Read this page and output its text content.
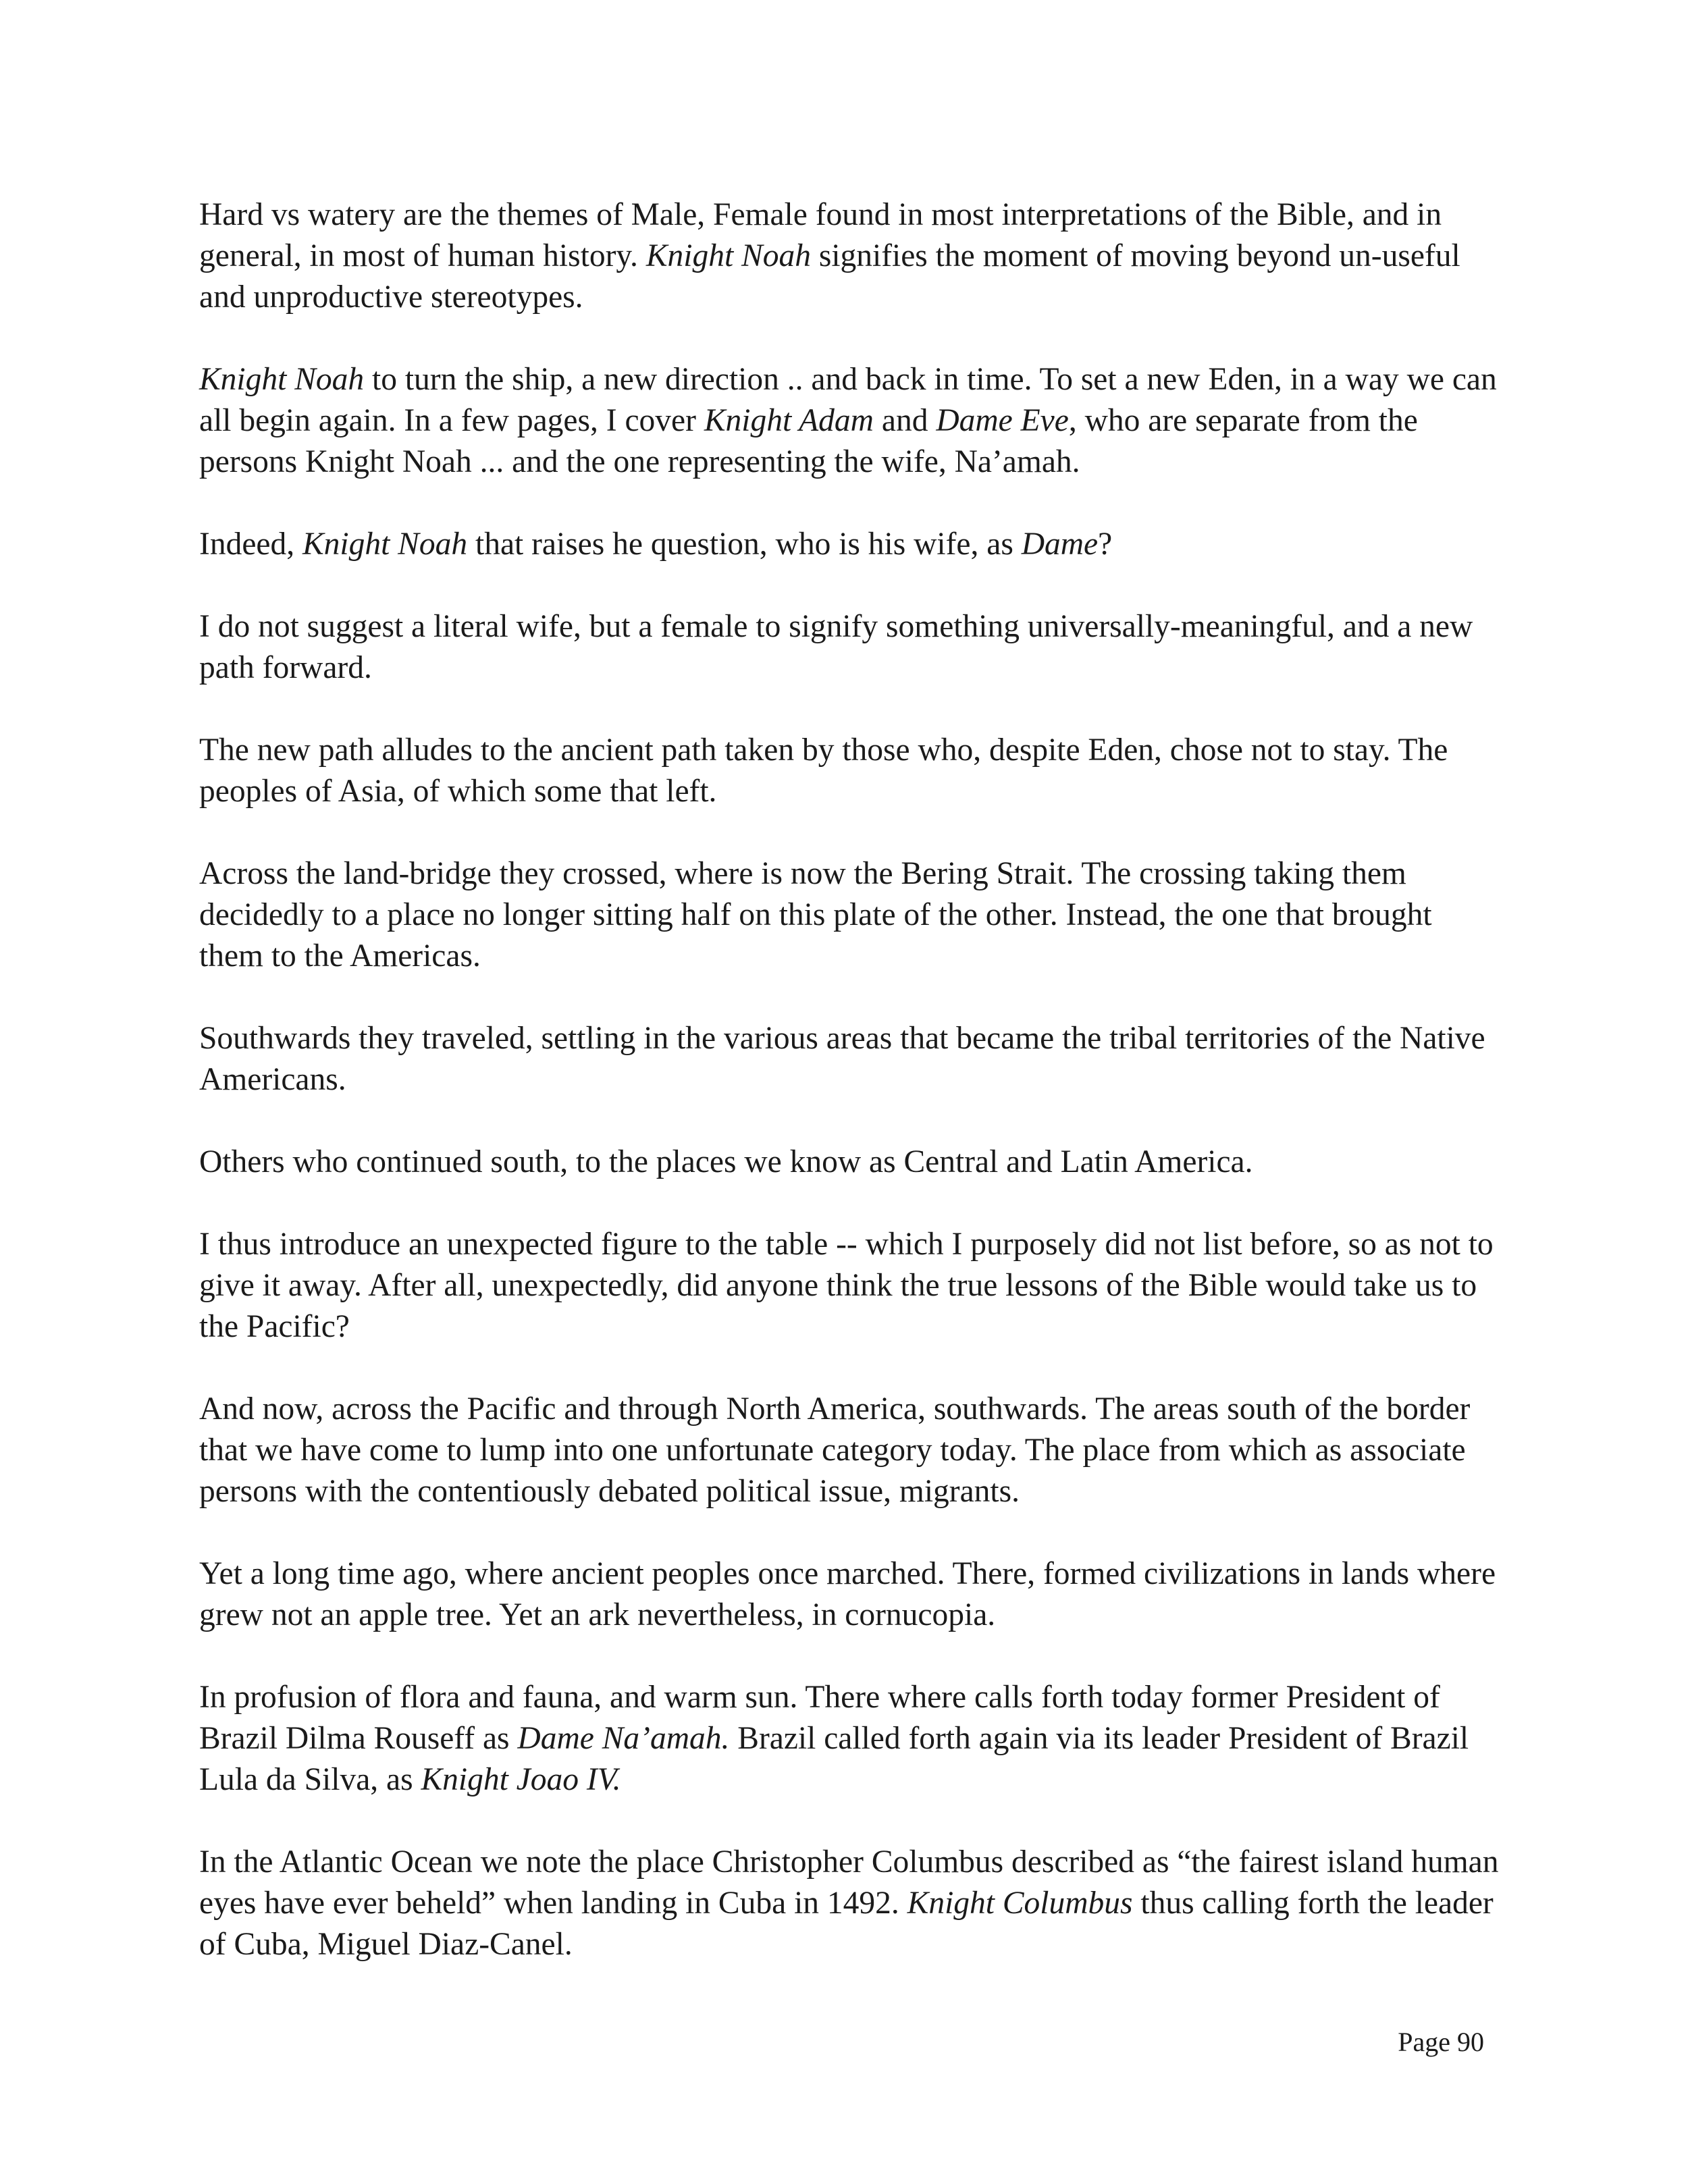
Hard vs watery are the themes of Male, Female found in most interpretations of the Bible, and in general, in most of human history. Knight Noah signifies the moment of moving beyond un-useful and unproductive stereotypes.

Knight Noah to turn the ship, a new direction .. and back in time. To set a new Eden, in a way we can all begin again. In a few pages, I cover Knight Adam and Dame Eve, who are separate from the persons Knight Noah ... and the one representing the wife, Na’amah.

Indeed, Knight Noah that raises he question, who is his wife, as Dame?

I do not suggest a literal wife, but a female to signify something universally-meaningful, and a new path forward.

The new path alludes to the ancient path taken by those who, despite Eden, chose not to stay. The peoples of Asia, of which some that left.

Across the land-bridge they crossed, where is now the Bering Strait. The crossing taking them decidedly to a place no longer sitting half on this plate of the other. Instead, the one that brought them to the Americas.

Southwards they traveled, settling in the various areas that became the tribal territories of the Native Americans.

Others who continued south, to the places we know as Central and Latin America.

I thus introduce an unexpected figure to the table -- which I purposely did not list before, so as not to give it away. After all, unexpectedly, did anyone think the true lessons of the Bible would take us to the Pacific?

And now, across the Pacific and through North America, southwards. The areas south of the border that we have come to lump into one unfortunate category today. The place from which as associate persons with the contentiously debated political issue, migrants.

Yet a long time ago, where ancient peoples once marched. There, formed civilizations in lands where grew not an apple tree. Yet an ark nevertheless, in cornucopia.

In profusion of flora and fauna, and warm sun. There where calls forth today former President of Brazil Dilma Rouseff as Dame Na’amah. Brazil called forth again via its leader President of Brazil Lula da Silva, as Knight Joao IV.

In the Atlantic Ocean we note the place Christopher Columbus described as “the fairest island human eyes have ever beheld” when landing in Cuba in 1492. Knight Columbus thus calling forth the leader of Cuba, Miguel Diaz-Canel.

Page 90
